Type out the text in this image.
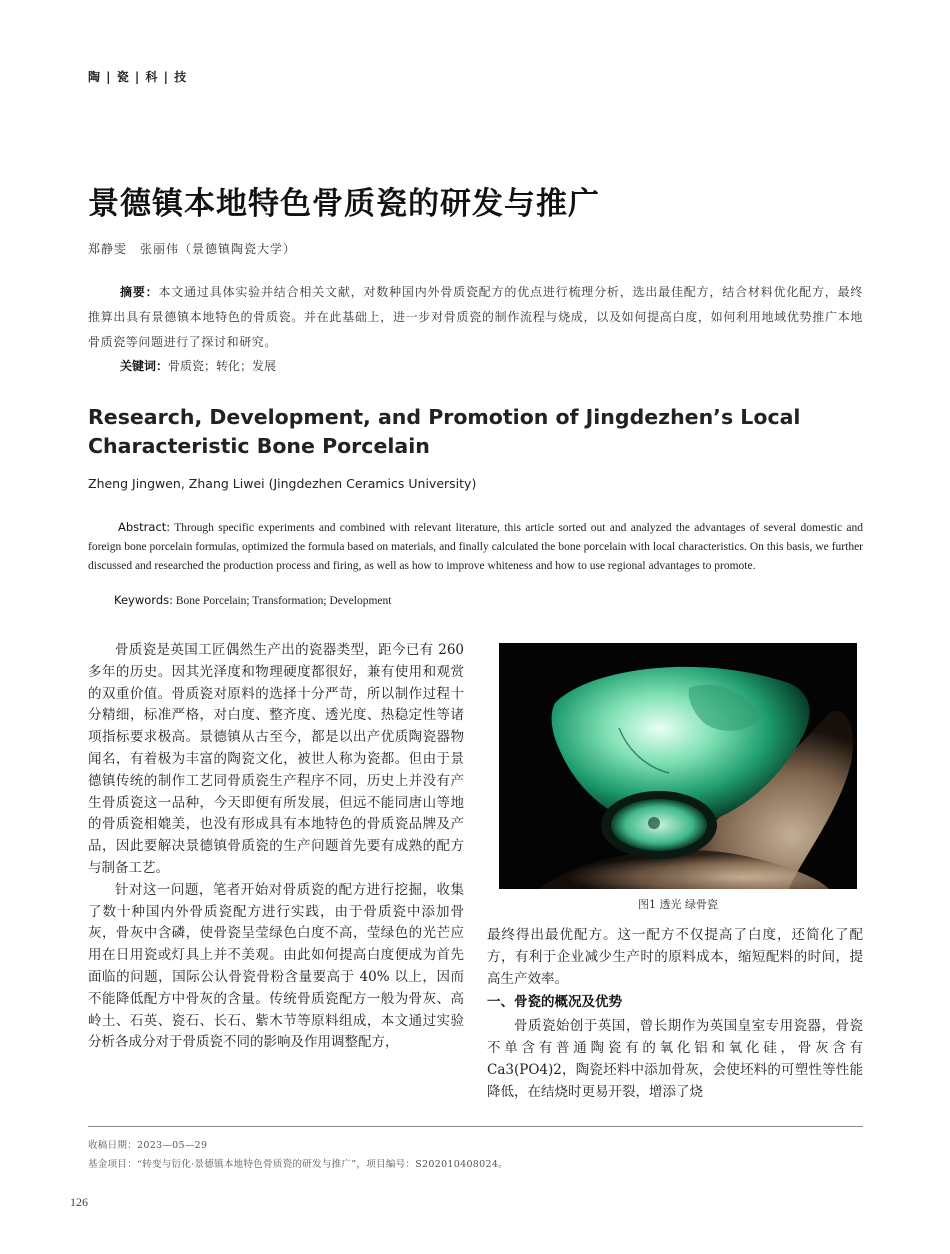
陶 | 瓷 | 科 | 技
景德镇本地特色骨质瓷的研发与推广
郑静雯　张丽伟（景德镇陶瓷大学）
摘要：本文通过具体实验并结合相关文献，对数种国内外骨质瓷配方的优点进行梳理分析，选出最佳配方，结合材料优化配方，最终推算出具有景德镇本地特色的骨质瓷。并在此基础上，进一步对骨质瓷的制作流程与烧成，以及如何提高白度，如何利用地域优势推广本地骨质瓷等问题进行了探讨和研究。
关键词：骨质瓷；转化；发展
Research, Development, and Promotion of Jingdezhen’s Local Characteristic Bone Porcelain
Zheng Jingwen, Zhang Liwei (Jingdezhen Ceramics University)
Abstract: Through specific experiments and combined with relevant literature, this article sorted out and analyzed the advantages of several domestic and foreign bone porcelain formulas, optimized the formula based on materials, and finally calculated the bone porcelain with local characteristics. On this basis, we further discussed and researched the production process and firing, as well as how to improve whiteness and how to use regional advantages to promote.
Keywords: Bone Porcelain; Transformation; Development

骨质瓷是英国工匠偶然生产出的瓷器类型，距今已有 260 多年的历史。因其光泽度和物理硬度都很好，兼有使用和观赏的双重价值。骨质瓷对原料的选择十分严苛，所以制作过程十分精细，标准严格，对白度、整齐度、透光度、热稳定性等诸项指标要求极高。景德镇从古至今，都是以出产优质陶瓷器物闻名，有着极为丰富的陶瓷文化，被世人称为瓷都。但由于景德镇传统的制作工艺同骨质瓷生产程序不同，历史上并没有产生骨质瓷这一品种，今天即便有所发展，但远不能同唐山等地的骨质瓷相媲美，也没有形成具有本地特色的骨质瓷品牌及产品，因此要解决景德镇骨质瓷的生产问题首先要有成熟的配方与制备工艺。

针对这一问题，笔者开始对骨质瓷的配方进行挖掘，收集了数十种国内外骨质瓷配方进行实践，由于骨质瓷中添加骨灰，骨灰中含磷，使骨瓷呈莹绿色白度不高，莹绿色的光芒应用在日用瓷或灯具上并不美观。由此如何提高白度便成为首先面临的问题，国际公认骨瓷骨粉含量要高于 40% 以上，因而不能降低配方中骨灰的含量。传统骨质瓷配方一般为骨灰、高岭土、石英、瓷石、长石、紫木节等原料组成，本文通过实验分析各成分对于骨质瓷不同的影响及作用调整配方，

图1 透光 绿骨瓷

最终得出最优配方。这一配方不仅提高了白度，还简化了配方，有利于企业减少生产时的原料成本，缩短配料的时间，提高生产效率。

一、骨瓷的概况及优势

骨质瓷始创于英国，曾长期作为英国皇室专用瓷器，骨瓷不单含有普通陶瓷有的氧化铝和氧化硅，骨灰含有 Ca3(PO4)2，陶瓷坯料中添加骨灰，会使坯料的可塑性等性能降低，在结烧时更易开裂，增添了烧

收稿日期：2023—05—29
基金项目：“转变与衍化·景德镇本地特色骨质瓷的研发与推广”，项目编号：S202010408024。
126
